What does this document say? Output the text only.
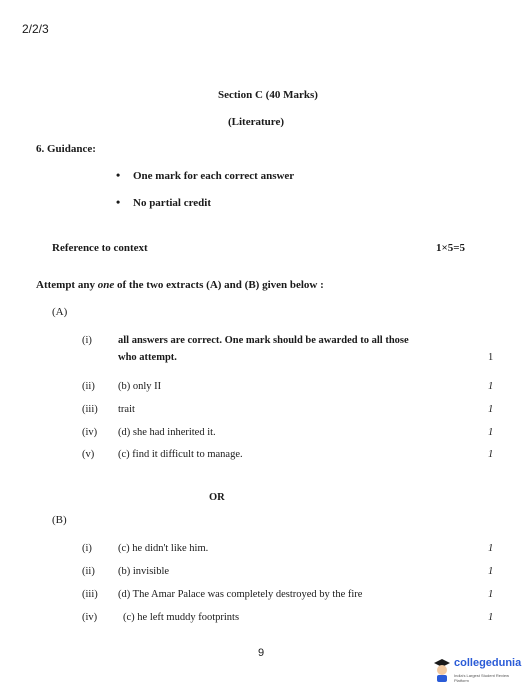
2/2/3
Section C (40 Marks)
(Literature)
6. Guidance:
• One mark for each correct answer
• No partial credit
Reference to context	1×5=5
Attempt any one of the two extracts (A) and (B) given below :
(A)
(i) all answers are correct. One mark should be awarded to all those
who attempt.	1
(ii) (b) only II	1
(iii) trait	1
(iv) (d) she had inherited it.	1
(v) (c) find it difficult to manage.	1
OR
(B)
(i) (c) he didn't like him.	1
(ii) (b) invisible	1
(iii) (d) The Amar Palace was completely destroyed by the fire	1
(iv) (c) he left muddy footprints	1
9
collegedunia
India's Largest Student Review Platform
